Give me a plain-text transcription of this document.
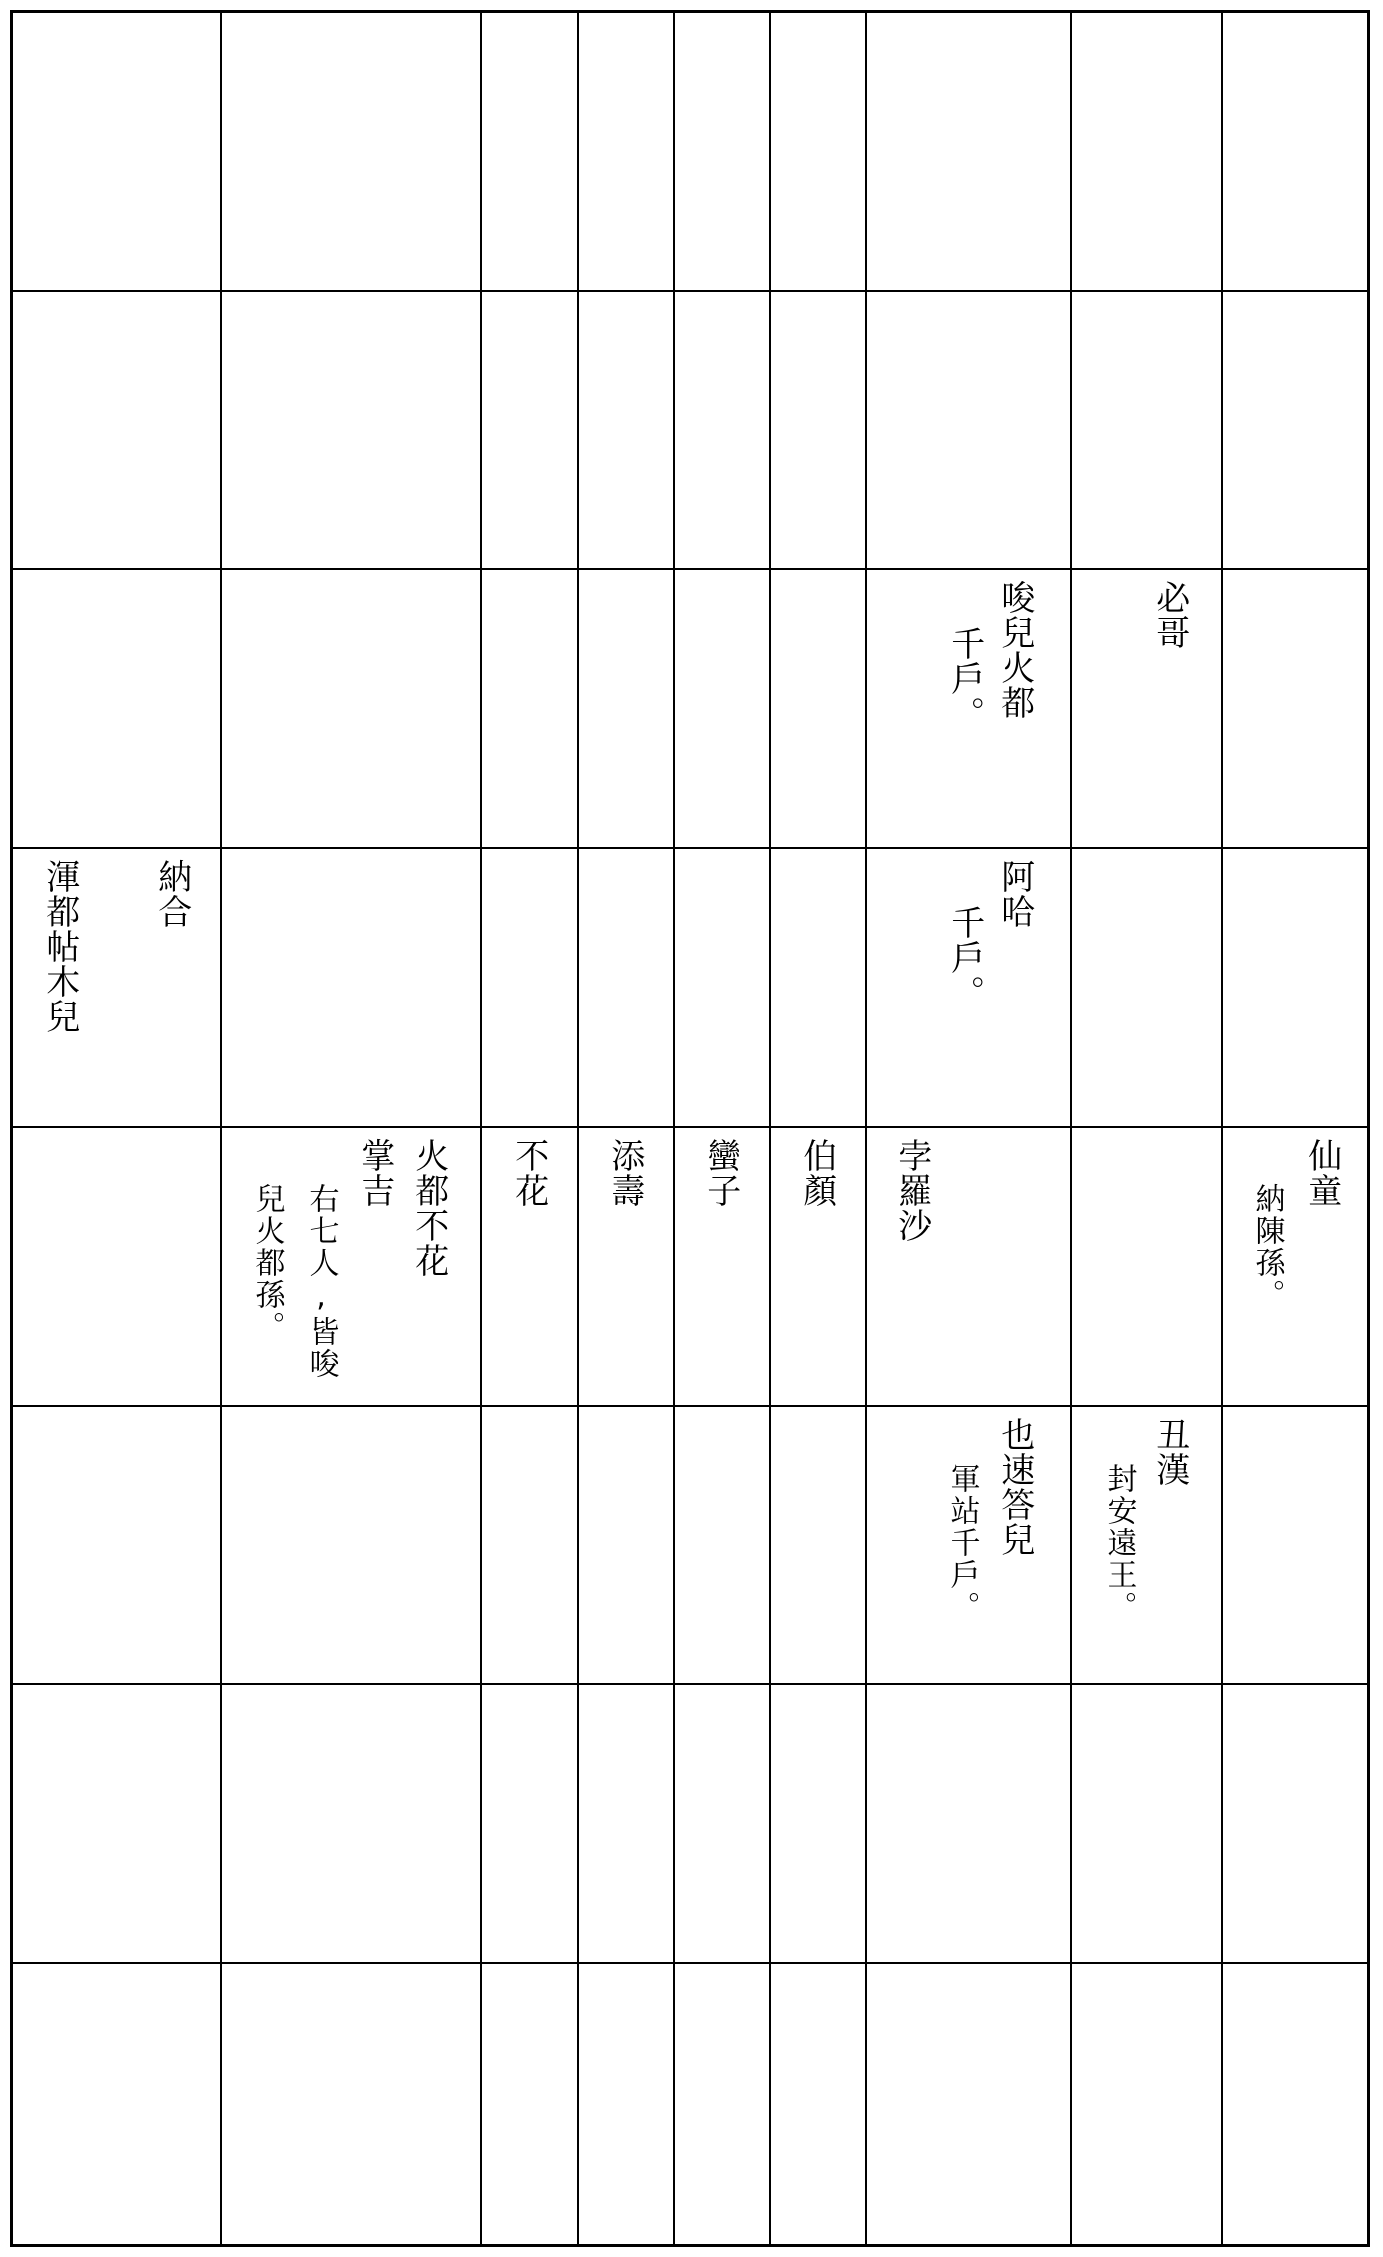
唆兒火都
千戶。
必哥
納合
渾都帖木兒	阿哈
千戶。
火都不花
掌吉
右七人,皆唆
兒火都孫。
不花 添壽 蠻子 伯顏 孛羅沙	仙童
納陳孫。
也速答兒
軍站千戶。
丑漢
封安遠王。
